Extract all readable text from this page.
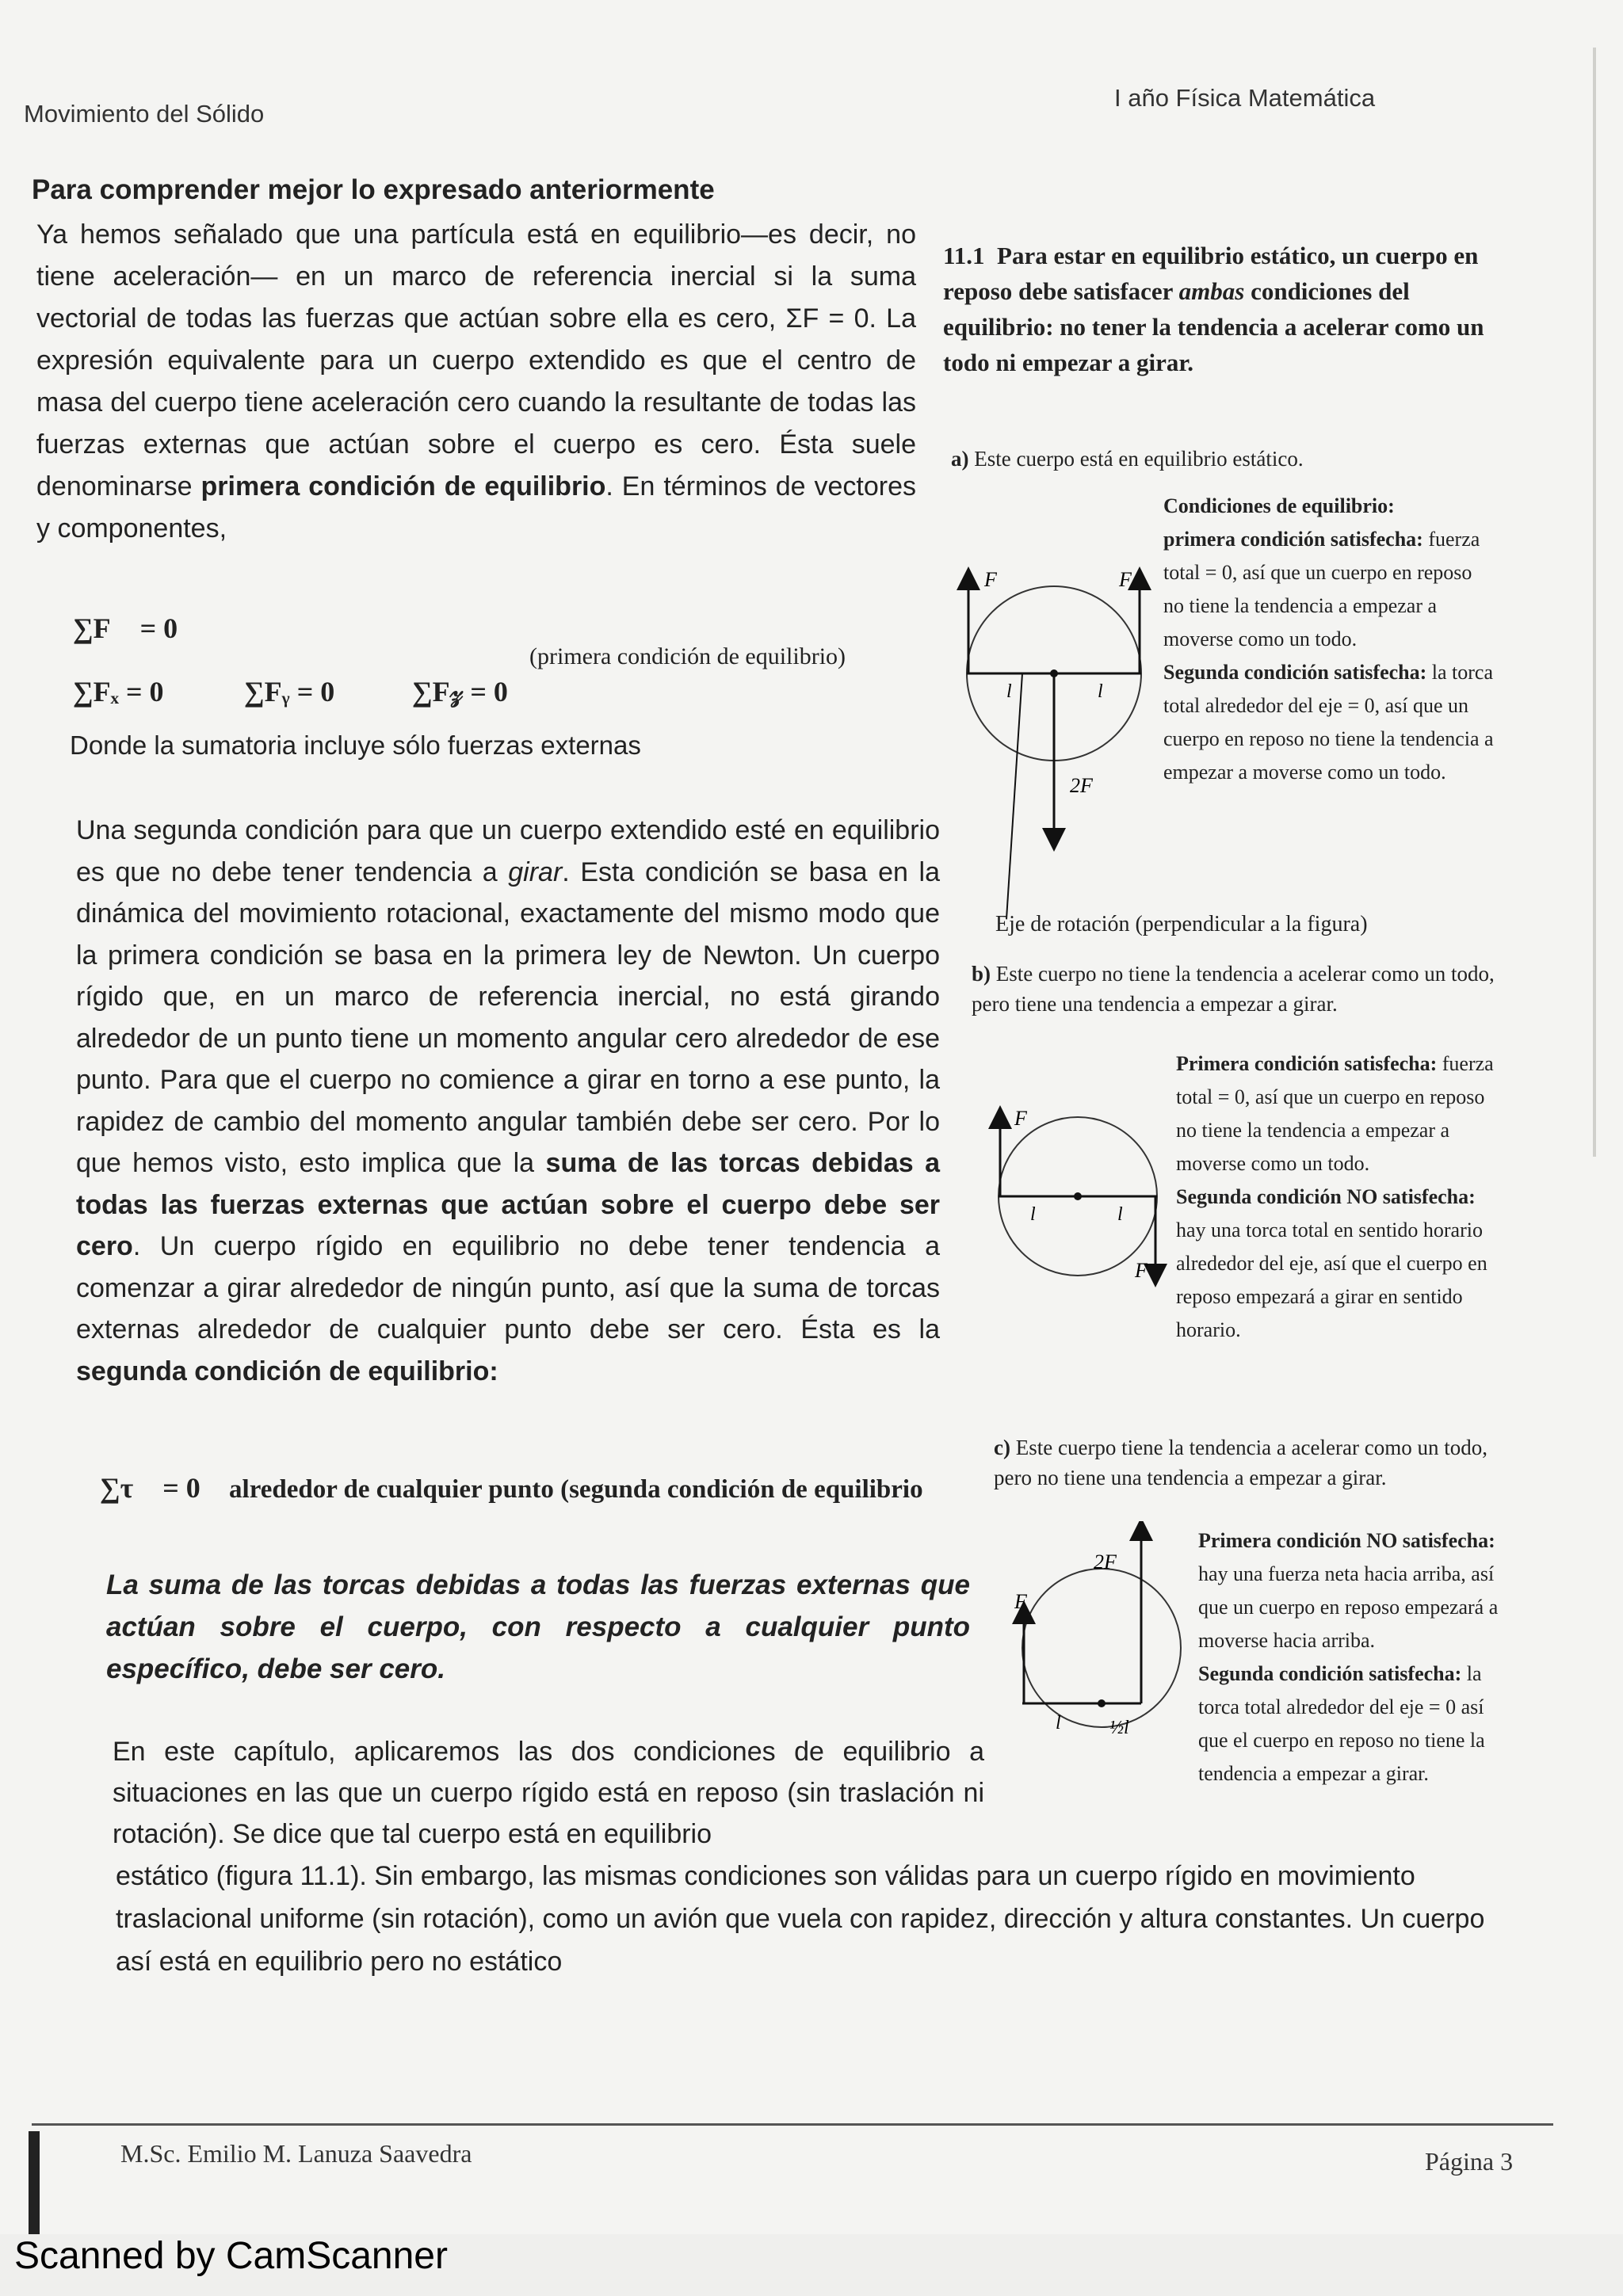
Movimiento del Sólido
I año Física Matemática
Para comprender mejor lo expresado anteriormente
Ya hemos señalado que una partícula está en equilibrio—es decir, no tiene aceleración— en un marco de referencia inercial si la suma vectorial de todas las fuerzas que actúan sobre ella es cero, ΣF = 0. La expresión equivalente para un cuerpo extendido es que el centro de masa del cuerpo tiene aceleración cero cuando la resultante de todas las fuerzas externas que actúan sobre el cuerpo es cero. Ésta suele denominarse primera condición de equilibrio. En términos de vectores y componentes,
∑F⃗ = 0
(primera condición de equilibrio)
∑Fₓ = 0	∑Fᵧ = 0	∑F𝓏 = 0
Donde la sumatoria incluye sólo fuerzas externas
Una segunda condición para que un cuerpo extendido esté en equilibrio es que no debe tener tendencia a girar. Esta condición se basa en la dinámica del movimiento rotacional, exactamente del mismo modo que la primera condición se basa en la primera ley de Newton. Un cuerpo rígido que, en un marco de referencia inercial, no está girando alrededor de un punto tiene un momento angular cero alrededor de ese punto. Para que el cuerpo no comience a girar en torno a ese punto, la rapidez de cambio del momento angular también debe ser cero. Por lo que hemos visto, esto implica que la suma de las torcas debidas a todas las fuerzas externas que actúan sobre el cuerpo debe ser cero. Un cuerpo rígido en equilibrio no debe tener tendencia a comenzar a girar alrededor de ningún punto, así que la suma de torcas externas alrededor de cualquier punto debe ser cero. Ésta es la segunda condición de equilibrio:
∑τ⃗ = 0 alrededor de cualquier punto (segunda condición de equilibrio
La suma de las torcas debidas a todas las fuerzas externas que actúan sobre el cuerpo, con respecto a cualquier punto específico, debe ser cero.
En este capítulo, aplicaremos las dos condiciones de equilibrio a situaciones en las que un cuerpo rígido está en reposo (sin traslación ni rotación). Se dice que tal cuerpo está en equilibrio
estático (figura 11.1). Sin embargo, las mismas condiciones son válidas para un cuerpo rígido en movimiento traslacional uniforme (sin rotación), como un avión que vuela con rapidez, dirección y altura constantes. Un cuerpo así está en equilibrio pero no estático
11.1 Para estar en equilibrio estático, un cuerpo en reposo debe satisfacer ambas condiciones del equilibrio: no tener la tendencia a acelerar como un todo ni empezar a girar.
a) Este cuerpo está en equilibrio estático.
Condiciones de equilibrio:
primera condición satisfecha: fuerza total = 0, así que un cuerpo en reposo no tiene la tendencia a empezar a moverse como un todo.
Segunda condición satisfecha: la torca total alrededor del eje = 0, así que un cuerpo en reposo no tiene la tendencia a empezar a moverse como un todo.
F	F
l	l
2F
Eje de rotación (perpendicular a la figura)
b) Este cuerpo no tiene la tendencia a acelerar como un todo, pero tiene una tendencia a empezar a girar.
Primera condición satisfecha: fuerza total = 0, así que un cuerpo en reposo no tiene la tendencia a empezar a moverse como un todo.
Segunda condición NO satisfecha: hay una torca total en sentido horario alrededor del eje, así que el cuerpo en reposo empezará a girar en sentido horario.
F
F
l	l
c) Este cuerpo tiene la tendencia a acelerar como un todo, pero no tiene una tendencia a empezar a girar.
Primera condición NO satisfecha: hay una fuerza neta hacia arriba, así que un cuerpo en reposo empezará a moverse hacia arriba.
Segunda condición satisfecha: la torca total alrededor del eje = 0 así que el cuerpo en reposo no tiene la tendencia a empezar a girar.
F
2F
l	½l
M.Sc. Emilio M. Lanuza Saavedra	Página 3
Scanned by CamScanner
